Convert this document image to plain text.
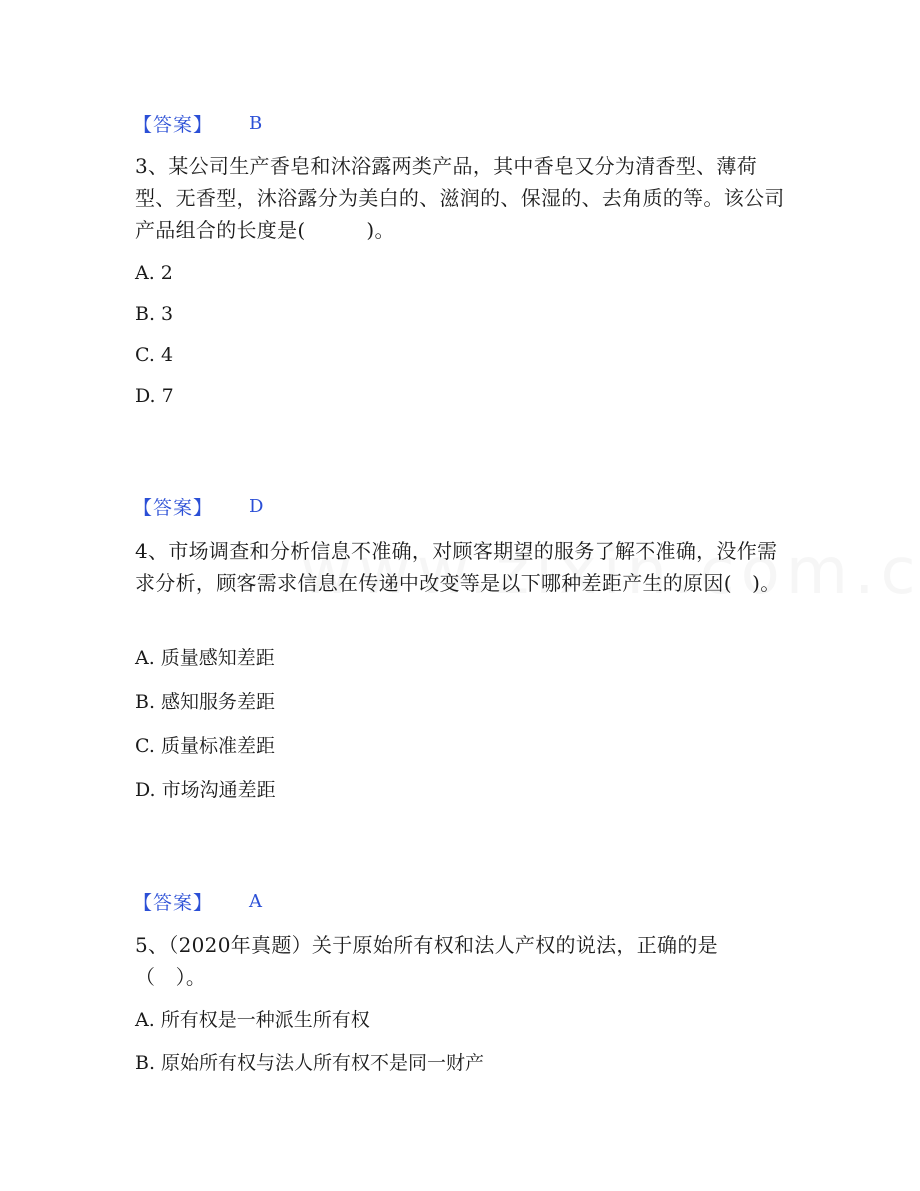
【答案】 B
3、某公司生产香皂和沐浴露两类产品，其中香皂又分为清香型、薄荷型、无香型，沐浴露分为美白的、滋润的、保湿的、去角质的等。该公司产品组合的长度是(　　　)。
A. 2
B. 3
C. 4
D. 7
【答案】 D
4、市场调查和分析信息不准确，对顾客期望的服务了解不准确，没作需求分析，顾客需求信息在传递中改变等是以下哪种差距产生的原因(　)。
A. 质量感知差距
B. 感知服务差距
C. 质量标准差距
D. 市场沟通差距
【答案】 A
5、（2020年真题）关于原始所有权和法人产权的说法，正确的是（　）。
A. 所有权是一种派生所有权
B. 原始所有权与法人所有权不是同一财产
